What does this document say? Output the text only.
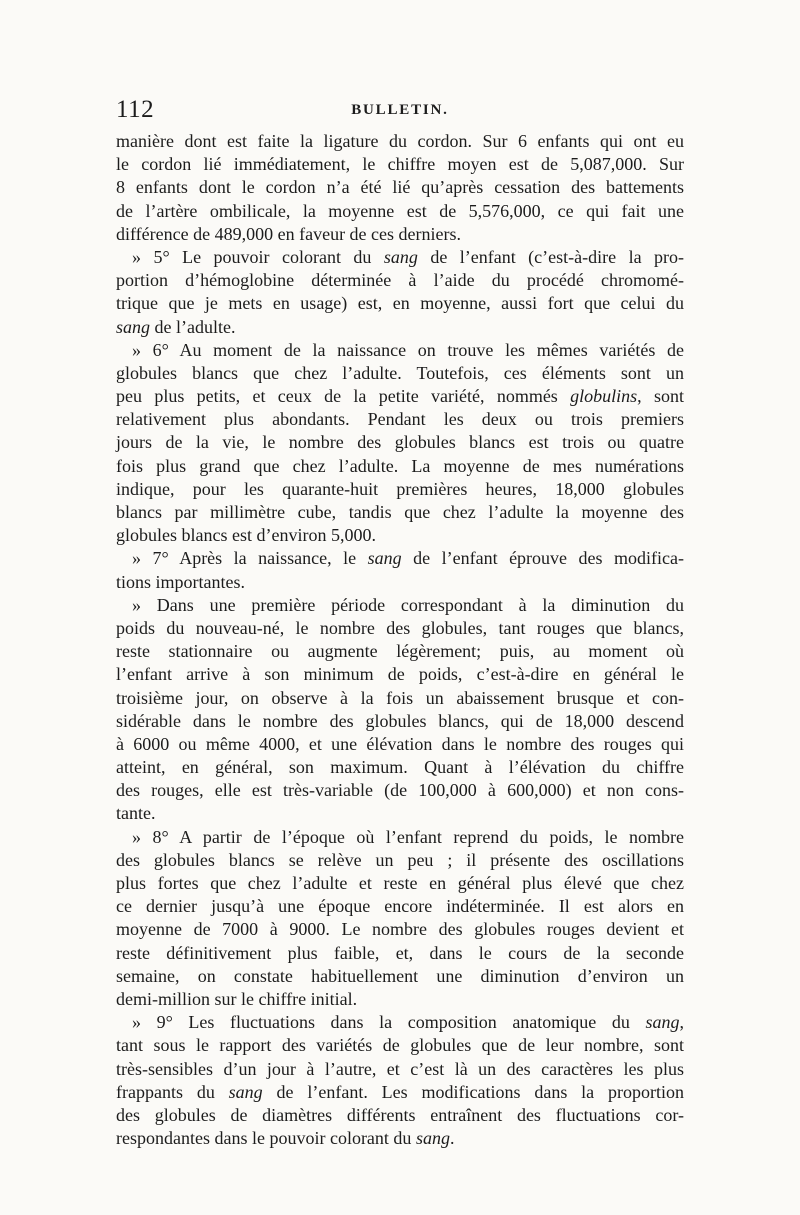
112	BULLETIN.
manière dont est faite la ligature du cordon. Sur 6 enfants qui ont eu
le cordon lié immédiatement, le chiffre moyen est de 5,087,000. Sur
8 enfants dont le cordon n’a été lié qu’après cessation des battements
de l’artère ombilicale, la moyenne est de 5,576,000, ce qui fait une
différence de 489,000 en faveur de ces derniers.
» 5° Le pouvoir colorant du sang de l’enfant (c’est-à-dire la pro-
portion d’hémoglobine déterminée à l’aide du procédé chromomé-
trique que je mets en usage) est, en moyenne, aussi fort que celui du
sang de l’adulte.
» 6° Au moment de la naissance on trouve les mêmes variétés de
globules blancs que chez l’adulte. Toutefois, ces éléments sont un
peu plus petits, et ceux de la petite variété, nommés globulins, sont
relativement plus abondants. Pendant les deux ou trois premiers
jours de la vie, le nombre des globules blancs est trois ou quatre
fois plus grand que chez l’adulte. La moyenne de mes numérations
indique, pour les quarante-huit premières heures, 18,000 globules
blancs par millimètre cube, tandis que chez l’adulte la moyenne des
globules blancs est d’environ 5,000.
» 7° Après la naissance, le sang de l’enfant éprouve des modifica-
tions importantes.
» Dans une première période correspondant à la diminution du
poids du nouveau-né, le nombre des globules, tant rouges que blancs,
reste stationnaire ou augmente légèrement; puis, au moment où
l’enfant arrive à son minimum de poids, c’est-à-dire en général le
troisième jour, on observe à la fois un abaissement brusque et con-
sidérable dans le nombre des globules blancs, qui de 18,000 descend
à 6000 ou même 4000, et une élévation dans le nombre des rouges qui
atteint, en général, son maximum. Quant à l’élévation du chiffre
des rouges, elle est très-variable (de 100,000 à 600,000) et non cons-
tante.
» 8° A partir de l’époque où l’enfant reprend du poids, le nombre
des globules blancs se relève un peu ; il présente des oscillations
plus fortes que chez l’adulte et reste en général plus élevé que chez
ce dernier jusqu’à une époque encore indéterminée. Il est alors en
moyenne de 7000 à 9000. Le nombre des globules rouges devient et
reste définitivement plus faible, et, dans le cours de la seconde
semaine, on constate habituellement une diminution d’environ un
demi-million sur le chiffre initial.
» 9° Les fluctuations dans la composition anatomique du sang,
tant sous le rapport des variétés de globules que de leur nombre, sont
très-sensibles d’un jour à l’autre, et c’est là un des caractères les plus
frappants du sang de l’enfant. Les modifications dans la proportion
des globules de diamètres différents entraînent des fluctuations cor-
respondantes dans le pouvoir colorant du sang.
